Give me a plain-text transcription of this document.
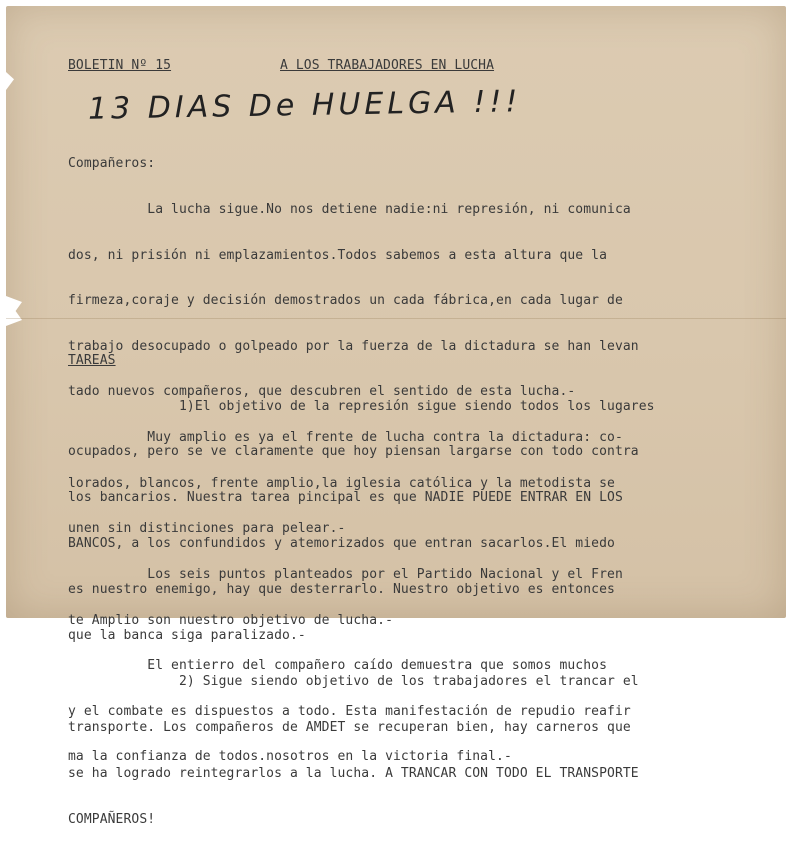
BOLETIN Nº 15	A LOS TRABAJADORES EN LUCHA
13 DIAS De HUELGA !!!

Compañeros:

La lucha sigue.No nos detiene nadie:ni represión, ni comunica

dos, ni prisión ni emplazamientos.Todos sabemos a esta altura que la

firmeza,coraje y decisión demostrados un cada fábrica,en cada lugar de

trabajo desocupado o golpeado por la fuerza de la dictadura se han levan

tado nuevos compañeros, que descubren el sentido de esta lucha.-

Muy amplio es ya el frente de lucha contra la dictadura: co-

lorados, blancos, frente amplio,la iglesia católica y la metodista se

unen sin distinciones para pelear.-

Los seis puntos planteados por el Partido Nacional y el Fren

te Amplio son nuestro objetivo de lucha.-

El entierro del compañero caído demuestra que somos muchos

y el combate es dispuestos a todo. Esta manifestación de repudio reafir

ma la confianza de todos.nosotros en la victoria final.-

TAREAS

1)El objetivo de la represión sigue siendo todos los lugares

ocupados, pero se ve claramente que hoy piensan largarse con todo contra

los bancarios. Nuestra tarea pincipal es que NADIE PUEDE ENTRAR EN LOS

BANCOS, a los confundidos y atemorizados que entran sacarlos.El miedo

es nuestro enemigo, hay que desterrarlo. Nuestro objetivo es entonces

que la banca siga paralizado.-

2) Sigue siendo objetivo de los trabajadores el trancar el

transporte. Los compañeros de AMDET se recuperan bien, hay carneros que

se ha logrado reintegrarlos a la lucha. A TRANCAR CON TODO EL TRANSPORTE

COMPAÑEROS!
